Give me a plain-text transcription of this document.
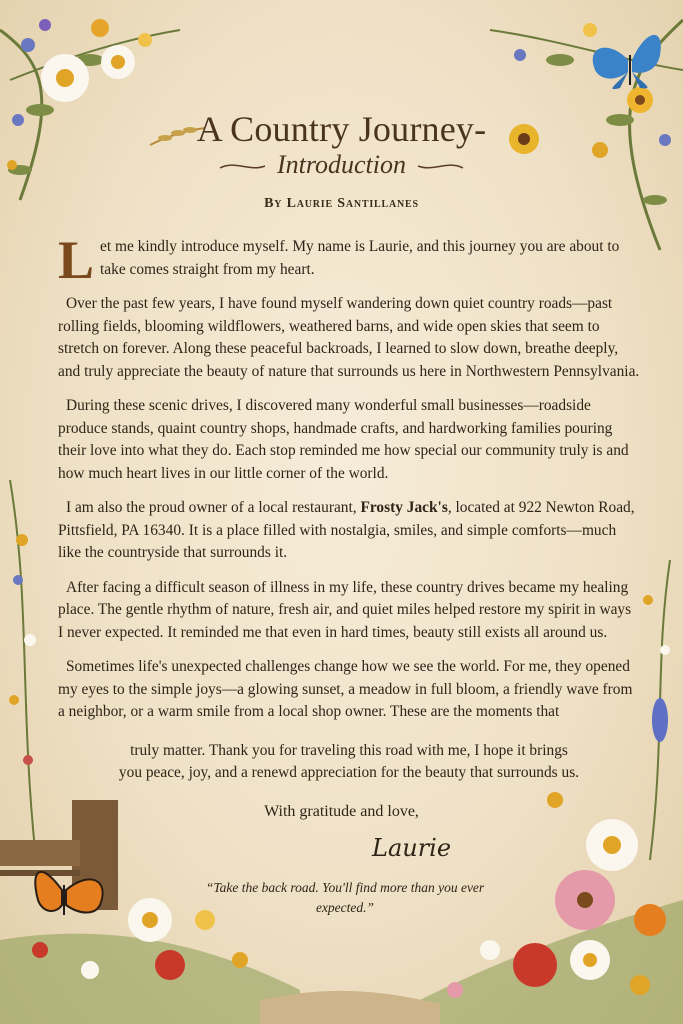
A Country Journey-
Introduction
By Laurie Santillanes

Let me kindly introduce myself. My name is Laurie, and this journey you are about to take comes straight from my heart.

Over the past few years, I have found myself wandering down quiet country roads—past rolling fields, blooming wildflowers, weathered barns, and wide open skies that seem to stretch on forever. Along these peaceful backroads, I learned to slow down, breathe deeply, and truly appreciate the beauty of nature that surrounds us here in Northwestern Pennsylvania.

During these scenic drives, I discovered many wonderful small businesses—roadside produce stands, quaint country shops, handmade crafts, and hardworking families pouring their love into what they do. Each stop reminded me how special our community truly is and how much heart lives in our little corner of the world.

I am also the proud owner of a local restaurant, Frosty Jack's, located at 922 Newton Road, Pittsfield, PA 16340. It is a place filled with nostalgia, smiles, and simple comforts—much like the countryside that surrounds it.

After facing a difficult season of illness in my life, these country drives became my healing place. The gentle rhythm of nature, fresh air, and quiet miles helped restore my spirit in ways I never expected. It reminded me that even in hard times, beauty still exists all around us.

Sometimes life's unexpected challenges change how we see the world. For me, they opened my eyes to the simple joys—a glowing sunset, a meadow in full bloom, a friendly wave from a neighbor, or a warm smile from a local shop owner. These are the moments that

truly matter. Thank you for traveling this road with me, I hope it brings you peace, joy, and a renewd appreciation for the beauty that surrounds us.

With gratitude and love,
Laurie
“Take the back road. You'll find more than you ever expected.”
